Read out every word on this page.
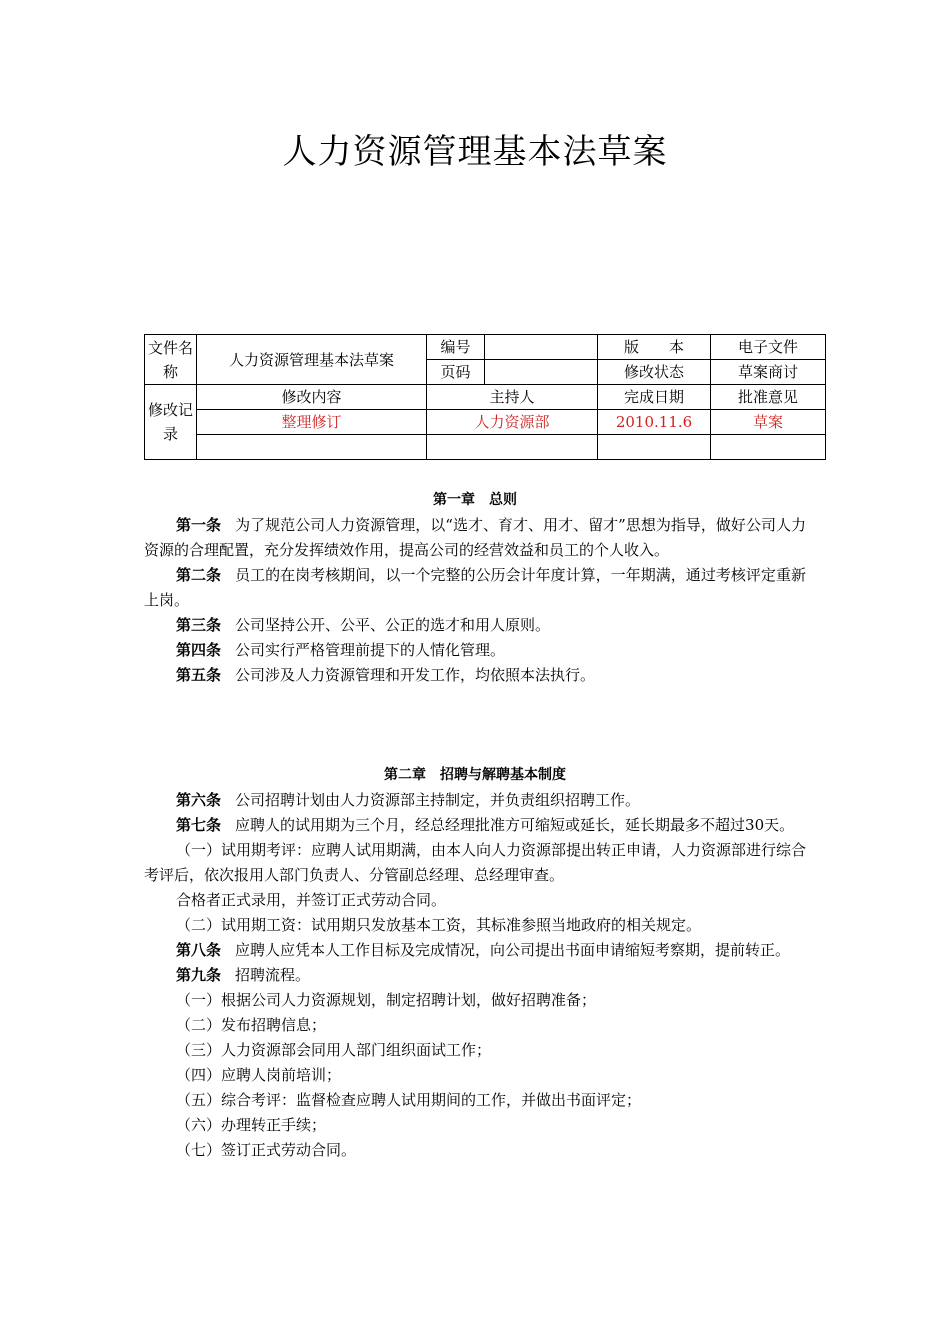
人力资源管理基本法草案
文件名称	人力资源管理基本法草案	编号		版　　本	电子文件
		页码		修改状态	草案商讨
修改记录	修改内容	主持人		完成日期	批准意见
	整理修订	人力资源部		2010.11.6	草案

第一章　总则

第一条 为了规范公司人力资源管理，以“选才、育才、用才、留才”思想为指导，做好公司人力资源的合理配置，充分发挥绩效作用，提高公司的经营效益和员工的个人收入。

第二条 员工的在岗考核期间，以一个完整的公历会计年度计算，一年期满，通过考核评定重新上岗。

第三条 公司坚持公开、公平、公正的选才和用人原则。

第四条 公司实行严格管理前提下的人情化管理。

第五条 公司涉及人力资源管理和开发工作，均依照本法执行。

第二章　招聘与解聘基本制度

第六条 公司招聘计划由人力资源部主持制定，并负责组织招聘工作。

第七条 应聘人的试用期为三个月，经总经理批准方可缩短或延长，延长期最多不超过30天。

（一）试用期考评：应聘人试用期满，由本人向人力资源部提出转正申请，人力资源部进行综合考评后，依次报用人部门负责人、分管副总经理、总经理审查。

合格者正式录用，并签订正式劳动合同。

（二）试用期工资：试用期只发放基本工资，其标准参照当地政府的相关规定。

第八条 应聘人应凭本人工作目标及完成情况，向公司提出书面申请缩短考察期，提前转正。

第九条 招聘流程。

（一）根据公司人力资源规划，制定招聘计划，做好招聘准备；

（二）发布招聘信息；

（三）人力资源部会同用人部门组织面试工作；

（四）应聘人岗前培训；

（五）综合考评：监督检查应聘人试用期间的工作，并做出书面评定；

（六）办理转正手续；

（七）签订正式劳动合同。
